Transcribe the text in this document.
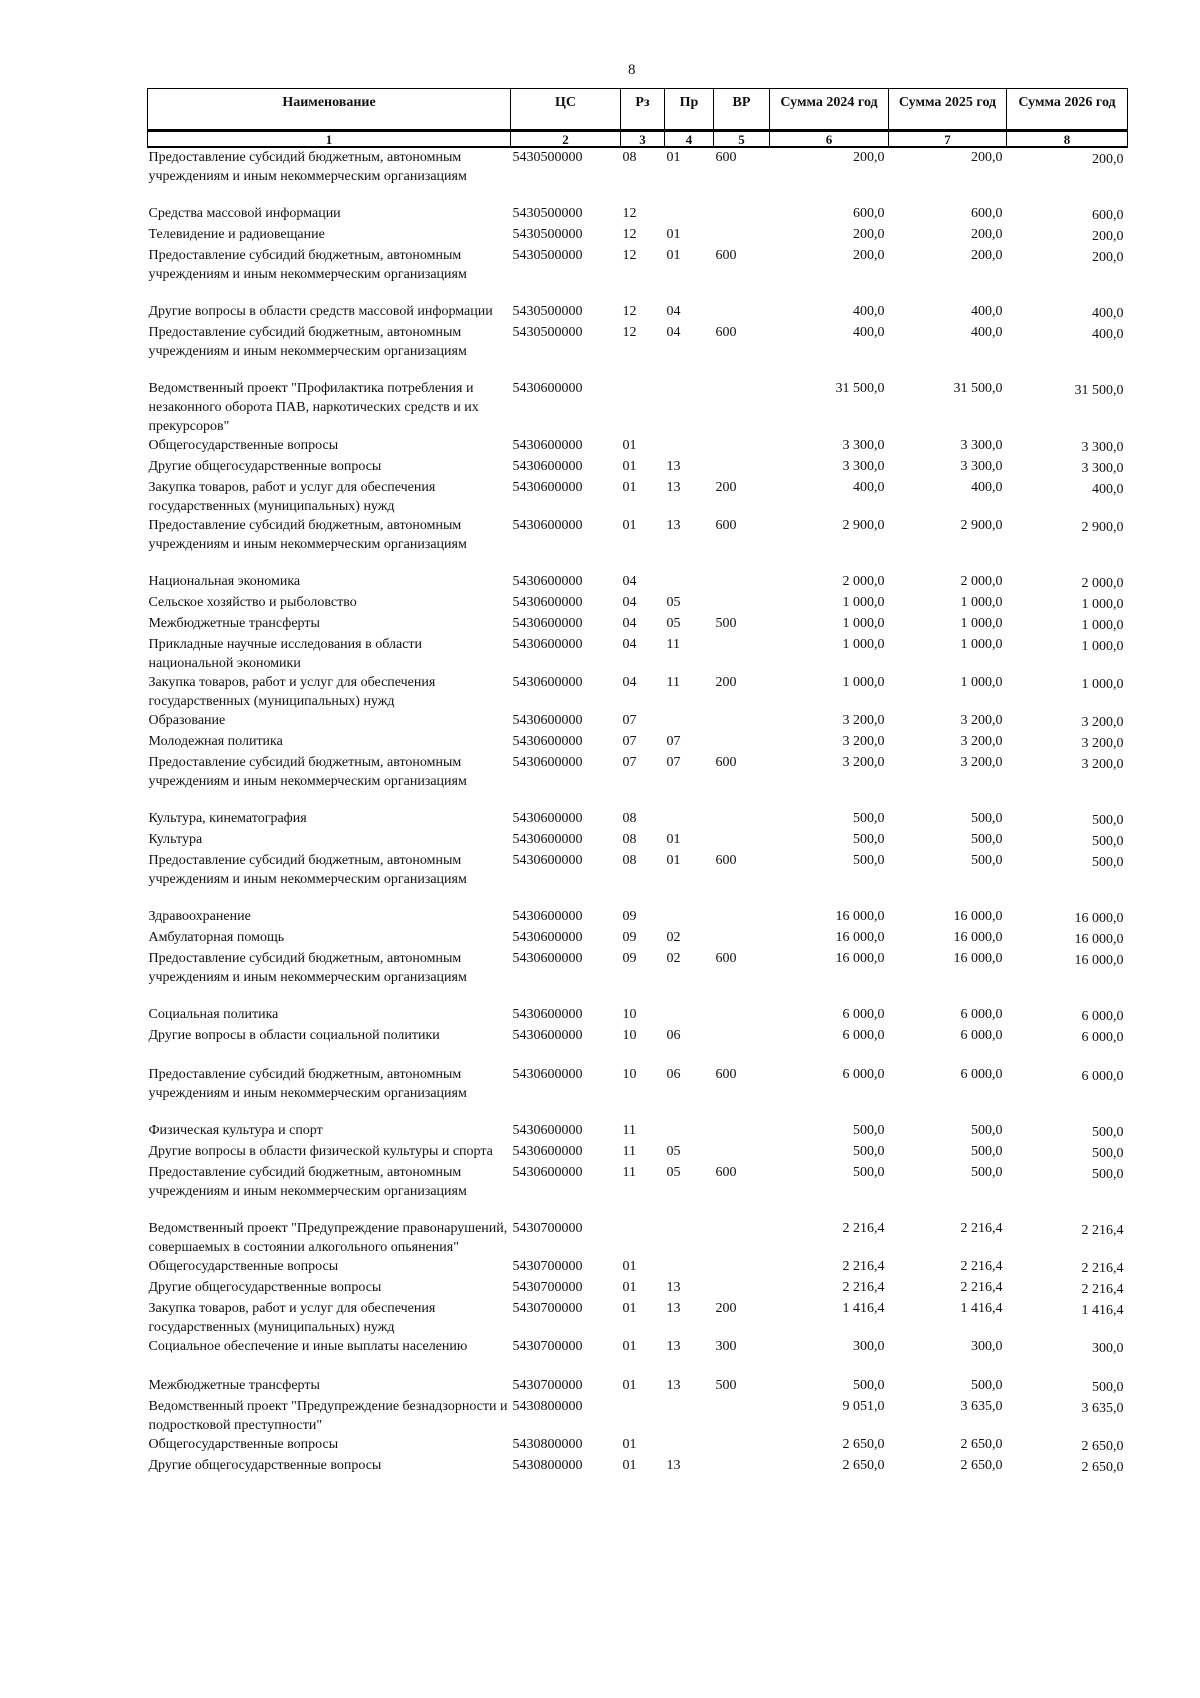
8
Наименование	ЦС	Рз	Пр	ВР	Сумма 2024 год	Сумма 2025 год	Сумма 2026 год
1	2	3	4	5	6	7	8
Предоставление субсидий бюджетным, автономным учреждениям и иным некоммерческим организациям	5430500000	08	01	600	200,0	200,0	200,0

Средства массовой информации	5430500000	12			600,0	600,0	600,0
Телевидение и радиовещание	5430500000	12	01		200,0	200,0	200,0
Предоставление субсидий бюджетным, автономным учреждениям и иным некоммерческим организациям	5430500000	12	01	600	200,0	200,0	200,0

Другие вопросы в области средств массовой информации	5430500000	12	04		400,0	400,0	400,0
Предоставление субсидий бюджетным, автономным учреждениям и иным некоммерческим организациям	5430500000	12	04	600	400,0	400,0	400,0

Ведомственный проект "Профилактика потребления и незаконного оборота ПАВ, наркотических средств и их прекурсоров"	5430600000				31 500,0	31 500,0	31 500,0
Общегосударственные вопросы	5430600000	01			3 300,0	3 300,0	3 300,0
Другие общегосударственные вопросы	5430600000	01	13		3 300,0	3 300,0	3 300,0
Закупка товаров, работ и услуг для обеспечения государственных (муниципальных) нужд	5430600000	01	13	200	400,0	400,0	400,0
Предоставление субсидий бюджетным, автономным учреждениям и иным некоммерческим организациям	5430600000	01	13	600	2 900,0	2 900,0	2 900,0

Национальная экономика	5430600000	04			2 000,0	2 000,0	2 000,0
Сельское хозяйство и рыболовство	5430600000	04	05		1 000,0	1 000,0	1 000,0
Межбюджетные трансферты	5430600000	04	05	500	1 000,0	1 000,0	1 000,0
Прикладные научные исследования в области национальной экономики	5430600000	04	11		1 000,0	1 000,0	1 000,0
Закупка товаров, работ и услуг для обеспечения государственных (муниципальных) нужд	5430600000	04	11	200	1 000,0	1 000,0	1 000,0
Образование	5430600000	07			3 200,0	3 200,0	3 200,0
Молодежная политика	5430600000	07	07		3 200,0	3 200,0	3 200,0
Предоставление субсидий бюджетным, автономным учреждениям и иным некоммерческим организациям	5430600000	07	07	600	3 200,0	3 200,0	3 200,0

Культура, кинематография	5430600000	08			500,0	500,0	500,0
Культура	5430600000	08	01		500,0	500,0	500,0
Предоставление субсидий бюджетным, автономным учреждениям и иным некоммерческим организациям	5430600000	08	01	600	500,0	500,0	500,0

Здравоохранение	5430600000	09			16 000,0	16 000,0	16 000,0
Амбулаторная помощь	5430600000	09	02		16 000,0	16 000,0	16 000,0
Предоставление субсидий бюджетным, автономным учреждениям и иным некоммерческим организациям	5430600000	09	02	600	16 000,0	16 000,0	16 000,0

Социальная политика	5430600000	10			6 000,0	6 000,0	6 000,0
Другие вопросы в области социальной политики	5430600000	10	06		6 000,0	6 000,0	6 000,0

Предоставление субсидий бюджетным, автономным учреждениям и иным некоммерческим организациям	5430600000	10	06	600	6 000,0	6 000,0	6 000,0

Физическая культура и спорт	5430600000	11			500,0	500,0	500,0
Другие вопросы в области физической культуры и спорта	5430600000	11	05		500,0	500,0	500,0
Предоставление субсидий бюджетным, автономным учреждениям и иным некоммерческим организациям	5430600000	11	05	600	500,0	500,0	500,0

Ведомственный проект "Предупреждение правонарушений, совершаемых в состоянии алкогольного опьянения"	5430700000				2 216,4	2 216,4	2 216,4
Общегосударственные вопросы	5430700000	01			2 216,4	2 216,4	2 216,4
Другие общегосударственные вопросы	5430700000	01	13		2 216,4	2 216,4	2 216,4
Закупка товаров, работ и услуг для обеспечения государственных (муниципальных) нужд	5430700000	01	13	200	1 416,4	1 416,4	1 416,4
Социальное обеспечение и иные выплаты населению	5430700000	01	13	300	300,0	300,0	300,0

Межбюджетные трансферты	5430700000	01	13	500	500,0	500,0	500,0
Ведомственный проект "Предупреждение безнадзорности и подростковой преступности"	5430800000				9 051,0	3 635,0	3 635,0
Общегосударственные вопросы	5430800000	01			2 650,0	2 650,0	2 650,0
Другие общегосударственные вопросы	5430800000	01	13		2 650,0	2 650,0	2 650,0
